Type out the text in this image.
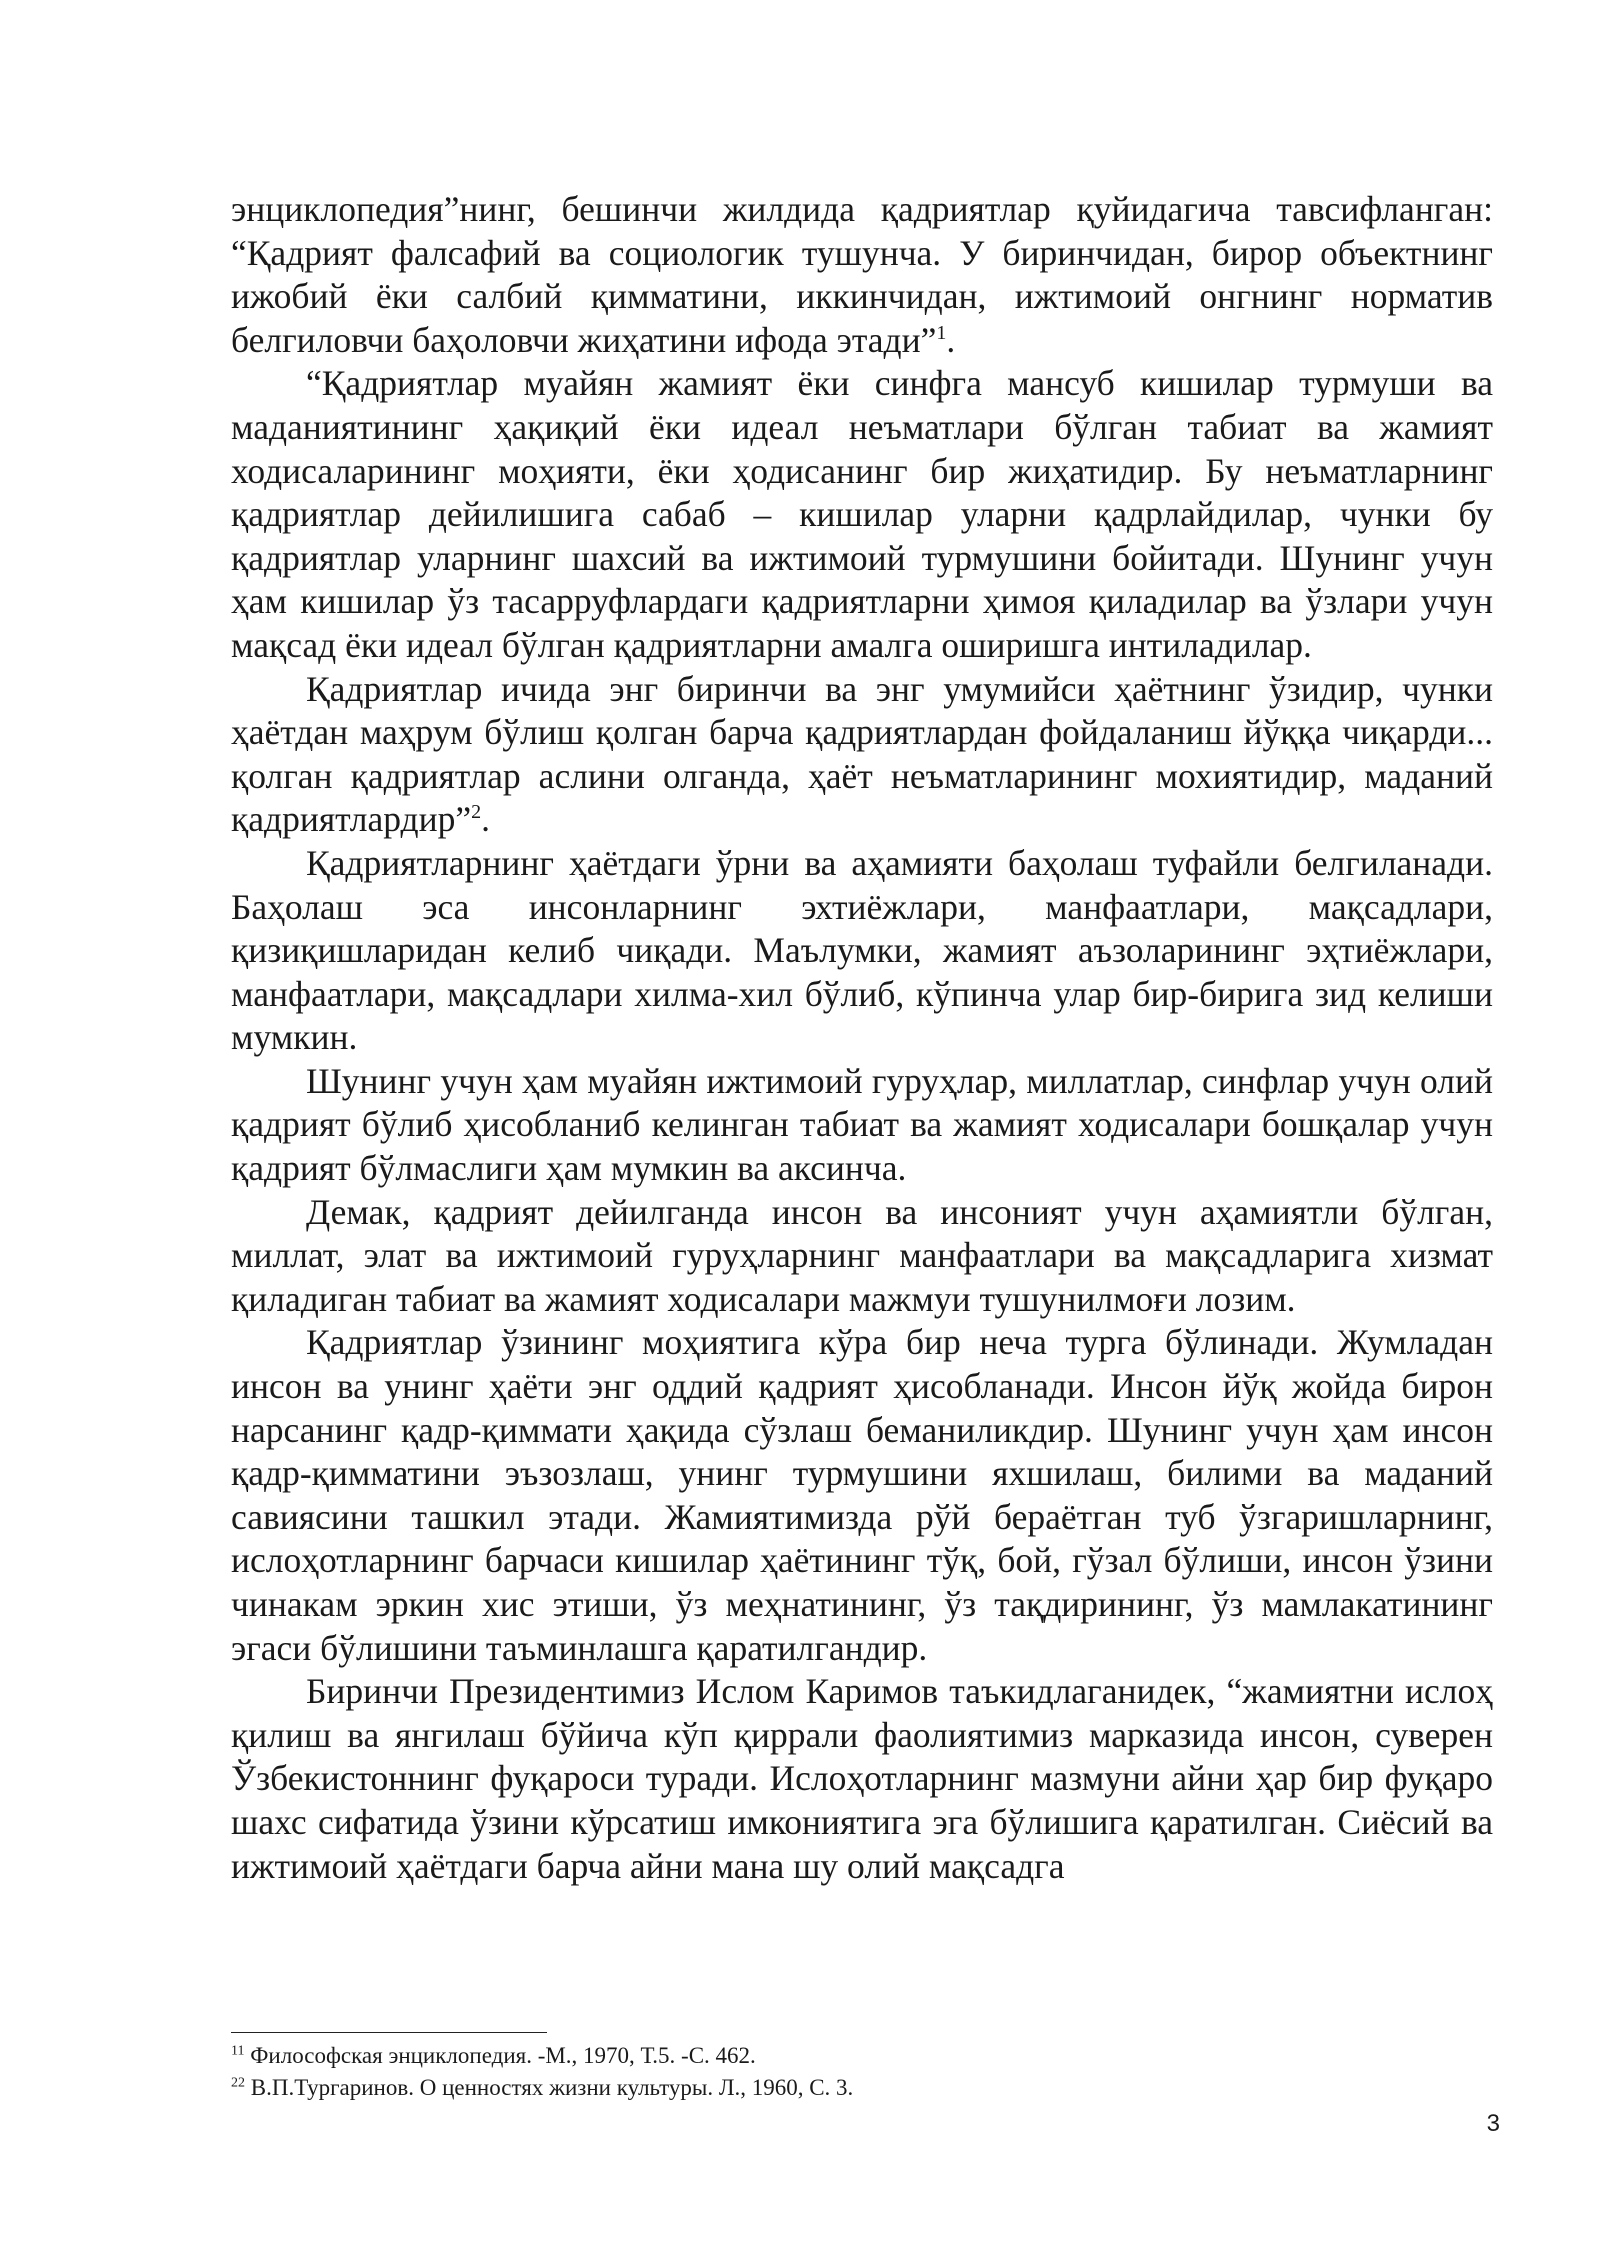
энциклопедия”нинг, бешинчи жилдида қадриятлар қуйидагича тавсифланган: “Қадрият фалсафий ва социологик тушунча. У биринчидан, бирор объектнинг ижобий ёки салбий қимматини, иккинчидан, ижтимоий онгнинг норматив белгиловчи баҳоловчи жиҳатини ифода этади”$^1$.

“Қадриятлар муайян жамият ёки синфга мансуб кишилар турмуши ва маданиятининг ҳақиқий ёки идеал неъматлари бўлган табиат ва жамият ходисаларининг моҳияти, ёки ҳодисанинг бир жиҳатидир. Бу неъматларнинг қадриятлар дейилишига сабаб – кишилар уларни қадрлайдилар, чунки бу қадриятлар уларнинг шахсий ва ижтимоий турмушини бойитади. Шунинг учун ҳам кишилар ўз тасарруфлардаги қадриятларни ҳимоя қиладилар ва ўзлари учун мақсад ёки идеал бўлган қадриятларни амалга оширишга интиладилар.

Қадриятлар ичида энг биринчи ва энг умумийси ҳаётнинг ўзидир, чунки ҳаётдан маҳрум бўлиш қолган барча қадриятлардан фойдаланиш йўққа чиқарди... қолган қадриятлар аслини олганда, ҳаёт неъматларининг мохиятидир, маданий қадриятлардир”$^2$.

Қадриятларнинг ҳаётдаги ўрни ва аҳамияти баҳолаш туфайли белгиланади. Баҳолаш эса инсонларнинг эхтиёжлари, манфаатлари, мақсадлари, қизиқишларидан келиб чиқади. Маълумки, жамият аъзоларининг эҳтиёжлари, манфаатлари, мақсадлари хилма-хил бўлиб, кўпинча улар бир-бирига зид келиши мумкин.

Шунинг учун ҳам муайян ижтимоий гуруҳлар, миллатлар, синфлар учун олий қадрият бўлиб ҳисобланиб келинган табиат ва жамият ходисалари бошқалар учун қадрият бўлмаслиги ҳам мумкин ва аксинча.

Демак, қадрият дейилганда инсон ва инсоният учун аҳамиятли бўлган, миллат, элат ва ижтимоий гуруҳларнинг манфаатлари ва мақсадларига хизмат қиладиган табиат ва жамият ходисалари мажмуи тушунилмоғи лозим.

Қадриятлар ўзининг моҳиятига кўра бир неча турга бўлинади. Жумладан инсон ва унинг ҳаёти энг оддий қадрият ҳисобланади. Инсон йўқ жойда бирон нарсанинг қадр-қиммати ҳақида сўзлаш беманиликдир. Шунинг учун ҳам инсон қадр-қимматини эъзозлаш, унинг турмушини яхшилаш, билими ва маданий савиясини ташкил этади. Жамиятимизда рўй бераётган туб ўзгаришларнинг, ислоҳотларнинг барчаси кишилар ҳаётининг тўқ, бой, гўзал бўлиши, инсон ўзини чинакам эркин хис этиши, ўз меҳнатининг, ўз тақдирининг, ўз мамлакатининг эгаси бўлишини таъминлашга қаратилгандир.

Биринчи Президентимиз Ислом Каримов таъкидлаганидек, “жамиятни ислоҳ қилиш ва янгилаш бўйича кўп қиррали фаолиятимиз марказида инсон, суверен Ўзбекистоннинг фуқароси туради. Ислоҳотларнинг мазмуни айни ҳар бир фуқаро шахс сифатида ўзини кўрсатиш имкониятига эга бўлишига қаратилган. Сиёсий ва ижтимоий ҳаётдаги барча айни мана шу олий мақсадга

$^{11}$ Философская энциклопедия. -М., 1970, Т.5. -С. 462.

$^{22}$ В.П.Тургаринов. О ценностях жизни культуры. Л., 1960, С. 3.

3
